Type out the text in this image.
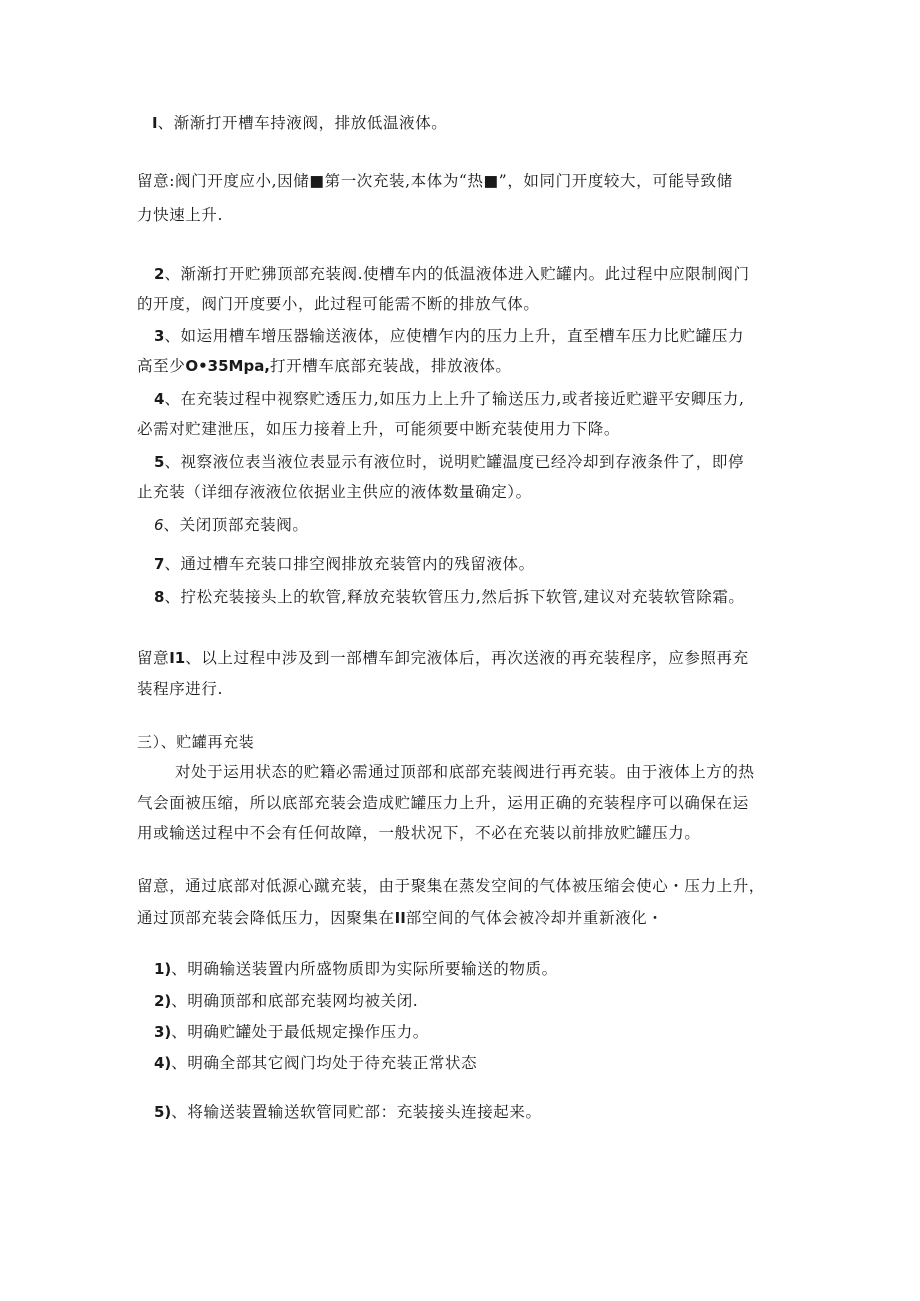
I、渐渐打开槽车持液阀，排放低温液体。
留意:阀门开度应小,因储■第一次充装,本体为“热■”，如同门开度较大，可能导致储
力快速上升.
2、渐渐打开贮狒顶部充装阀.使槽车内的低温液体进入贮罐内。此过程中应限制阀门
的开度，阀门开度要小，此过程可能需不断的排放气体。
3、如运用槽车增压器输送液体，应使槽乍内的压力上升，直至槽车压力比贮罐压力
高至少O•35Mpa,打开槽车底部充装战，排放液体。
4、在充装过程中视察贮透压力,如压力上上升了输送压力,或者接近贮避平安卿压力,
必需对贮建泄压，如压力接着上升，可能须要中断充装使用力下降。
5、视察液位表当液位表显示有液位时，说明贮罐温度已经冷却到存液条件了，即停
止充装（详细存液液位依据业主供应的液体数量确定）。
6、关闭顶部充装阀。
7、通过槽车充装口排空阀排放充装管内的残留液体。
8、拧松充装接头上的软管,释放充装软管压力,然后拆下软管,建议对充装软管除霜。
留意I1、以上过程中涉及到一部槽车卸完液体后，再次送液的再充装程序，应参照再充
装程序进行.
三）、贮罐再充装
对处于运用状态的贮籍必需通过顶部和底部充装阀进行再充装。由于液体上方的热
气会面被压缩，所以底部充装会造成贮罐压力上升，运用正确的充装程序可以确保在运
用或输送过程中不会有任何故障，一般状况下，不必在充装以前排放贮罐压力。
留意，通过底部对低源心蹴充装，由于聚集在蒸发空间的气体被压缩会使心・压力上升，
通过顶部充装会降低压力，因聚集在II部空间的气体会被冷却并重新液化・
1)、明确输送装置内所盛物质即为实际所要输送的物质。
2)、明确顶部和底部充装网均被关闭.
3)、明确贮罐处于最低规定操作压力。
4)、明确全部其它阀门均处于待充装正常状态
5)、将输送装置输送软管同贮部：充装接头连接起来。
